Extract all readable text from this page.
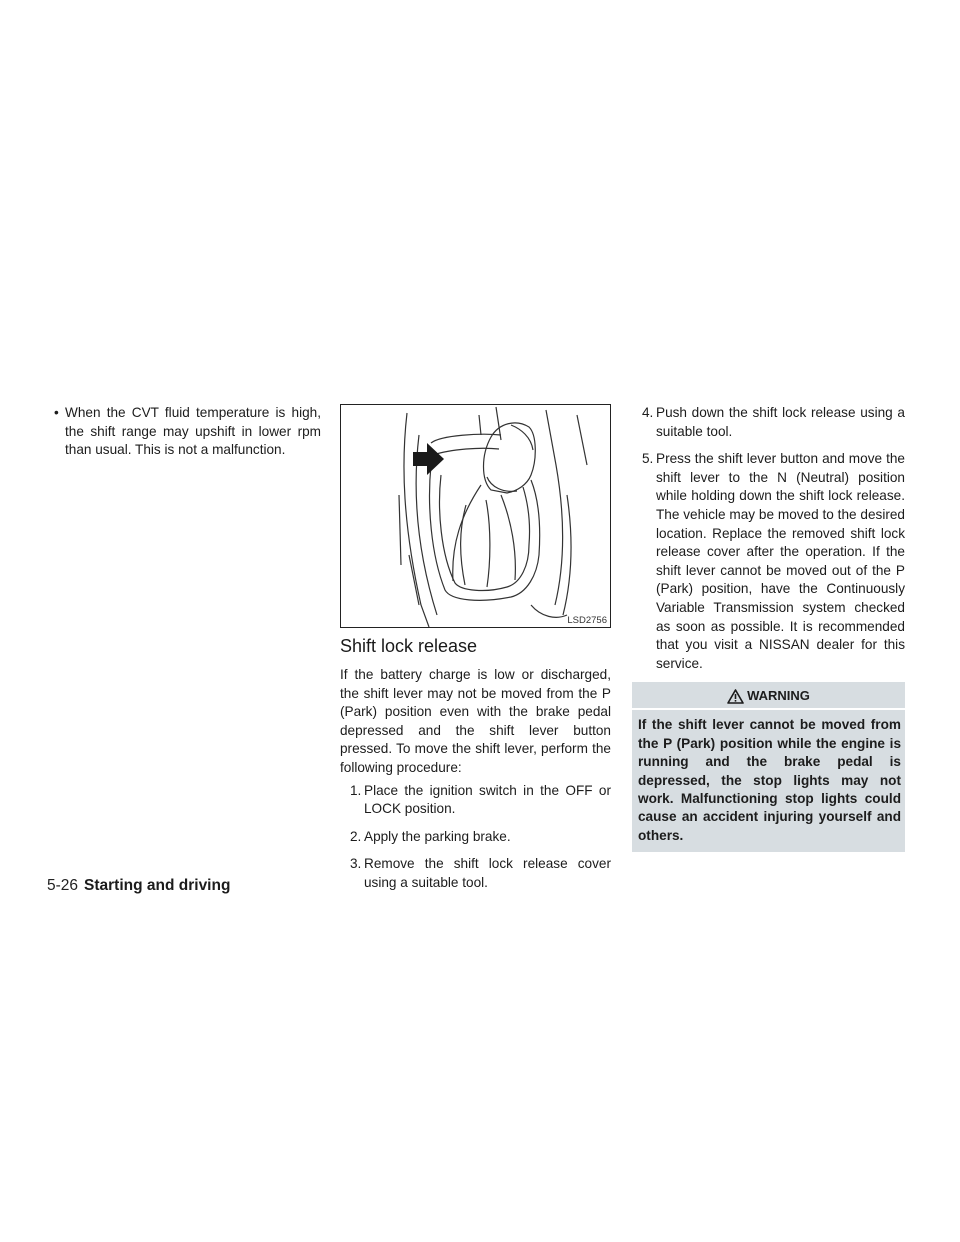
• When the CVT fluid temperature is high, the shift range may upshift in lower rpm than usual. This is not a malfunction.

LSD2756
Shift lock release

If the battery charge is low or discharged, the shift lever may not be moved from the P (Park) position even with the brake pedal depressed and the shift lever button pressed. To move the shift lever, perform the following procedure:

1. Place the ignition switch in the OFF or LOCK position.
2. Apply the parking brake.
3. Remove the shift lock release cover using a suitable tool.
4. Push down the shift lock release using a suitable tool.
5. Press the shift lever button and move the shift lever to the N (Neutral) position while holding down the shift lock release. The vehicle may be moved to the desired location. Replace the removed shift lock release cover after the operation. If the shift lever cannot be moved out of the P (Park) position, have the Continuously Variable Transmission system checked as soon as possible. It is recommended that you visit a NISSAN dealer for this service.
WARNING
If the shift lever cannot be moved from the P (Park) position while the engine is running and the brake pedal is depressed, the stop lights may not work. Malfunctioning stop lights could cause an accident injuring yourself and others.
5-26 Starting and driving
